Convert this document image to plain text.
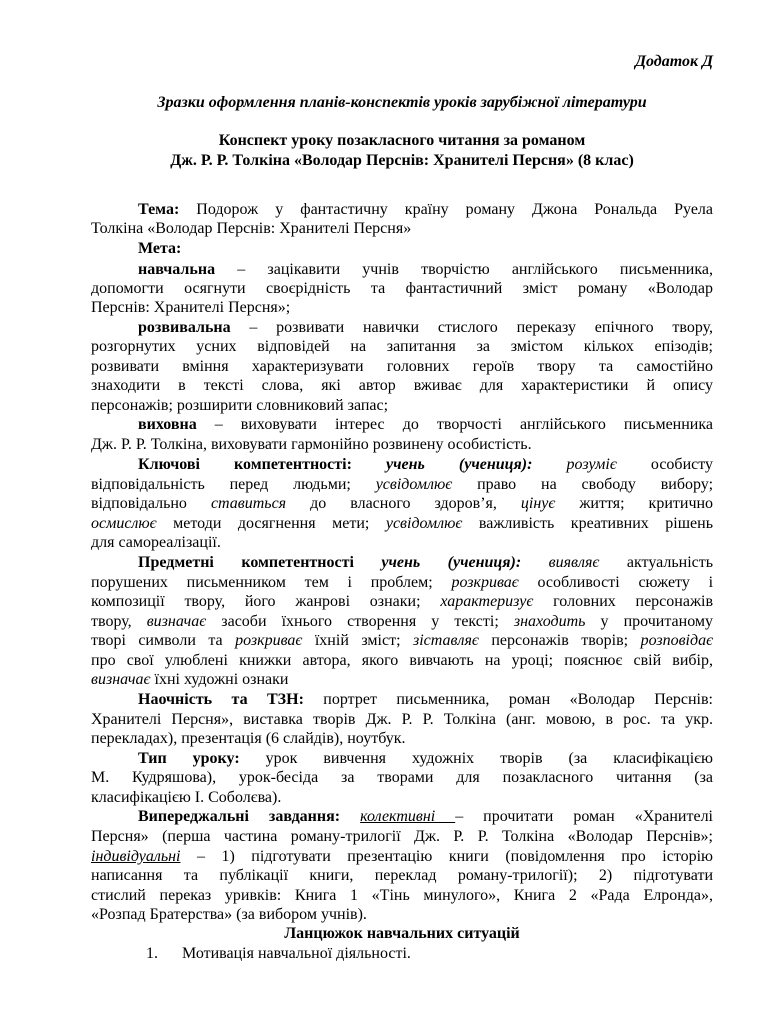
Додаток Д
Зразки оформлення планів-конспектів уроків зарубіжної літератури
Конспект уроку позакласного читання за романом
Дж. Р. Р. Толкіна «Володар Перснів: Хранителі Персня» (8 клас)
Тема: Подорож у фантастичну країну роману Джона Рональда Руела
Толкіна «Володар Перснів: Хранителі Персня»
Мета:
навчальна – зацікавити учнів творчістю англійського письменника,
допомогти осягнути своєрідність та фантастичний зміст роману «Володар
Перснів: Хранителі Персня»;
розвивальна – розвивати навички стислого переказу епічного твору,
розгорнутих усних відповідей на запитання за змістом кількох епізодів;
розвивати вміння характеризувати головних героїв твору та самостійно
знаходити в тексті слова, які автор вживає для характеристики й опису
персонажів; розширити словниковий запас;
виховна – виховувати інтерес до творчості англійського письменника
Дж. Р. Р. Толкіна, виховувати гармонійно розвинену особистість.
Ключові компетентності: учень (учениця): розуміє особисту
відповідальність перед людьми; усвідомлює право на свободу вибору;
відповідально ставиться до власного здоров’я, цінує життя; критично
осмислює методи досягнення мети; усвідомлює важливість креативних рішень
для самореалізації.
Предметні компетентності учень (учениця): виявляє актуальність
порушених письменником тем і проблем; розкриває особливості сюжету і
композиції твору, його жанрові ознаки; характеризує головних персонажів
твору, визначає засоби їхнього створення у тексті; знаходить у прочитаному
творі символи та розкриває їхній зміст; зіставляє персонажів творів; розповідає
про свої улюблені книжки автора, якого вивчають на уроці; пояснює свій вибір,
визначає їхні художні ознаки
Наочність та ТЗН: портрет письменника, роман «Володар Перснів:
Хранителі Персня», виставка творів Дж. Р. Р. Толкіна (анг. мовою, в рос. та укр.
перекладах), презентація (6 слайдів), ноутбук.
Тип уроку: урок вивчення художніх творів (за класифікацією
М. Кудряшова), урок-бесіда за творами для позакласного читання (за
класифікацією І. Соболєва).
Випереджальні завдання: колективні – прочитати роман «Хранителі
Персня» (перша частина роману-трилогії Дж. Р. Р. Толкіна «Володар Перснів»;
індивідуальні – 1) підготувати презентацію книги (повідомлення про історію
написання та публікації книги, переклад роману-трилогії); 2) підготувати
стислий переказ уривків: Книга 1 «Тінь минулого», Книга 2 «Рада Елронда»,
«Розпад Братерства» (за вибором учнів).
Ланцюжок навчальних ситуацій
1. Мотивація навчальної діяльності.
